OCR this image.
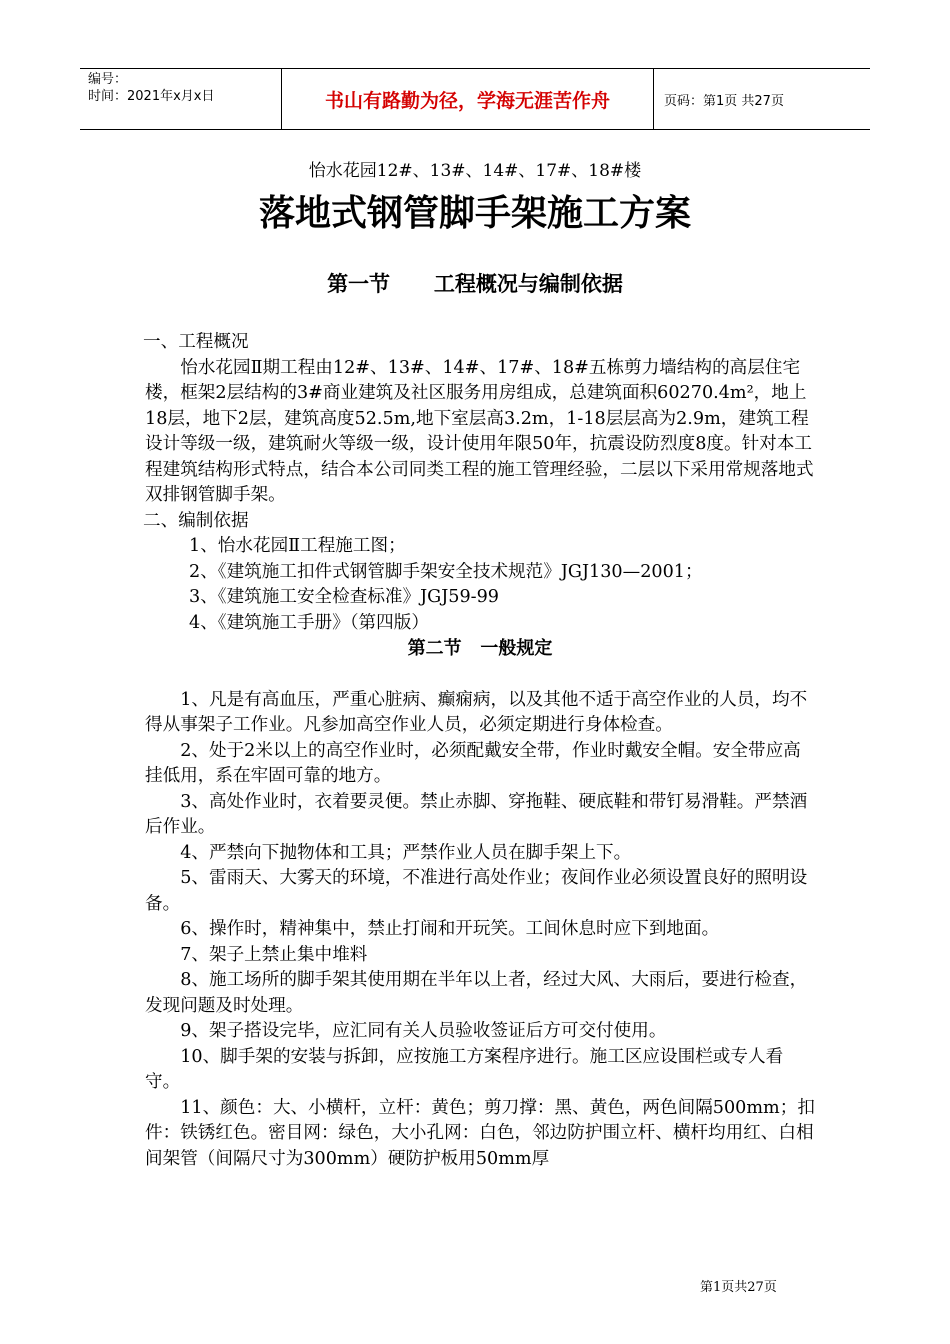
编号：
时间：2021年x月x日	书山有路勤为径，学海无涯苦作舟	页码：第1页 共27页
怡水花园12#、13#、14#、17#、18#楼
落地式钢管脚手架施工方案
第一节      工程概况与编制依据

一、工程概况

怡水花园Ⅱ期工程由12#、13#、14#、17#、18#五栋剪力墙结构的高层住宅楼，框架2层结构的3#商业建筑及社区服务用房组成，总建筑面积60270.4m²，地上18层，地下2层，建筑高度52.5m,地下室层高3.2m，1-18层层高为2.9m，建筑工程设计等级一级，建筑耐火等级一级，设计使用年限50年，抗震设防烈度8度。针对本工程建筑结构形式特点，结合本公司同类工程的施工管理经验，二层以下采用常规落地式双排钢管脚手架。

二、编制依据

1、怡水花园Ⅱ工程施工图；

2、《建筑施工扣件式钢管脚手架安全技术规范》JGJ130—2001；

3、《建筑施工安全检查标准》JGJ59-99

4、《建筑施工手册》（第四版）

第二节   一般规定

1、凡是有高血压，严重心脏病、癫痫病，以及其他不适于高空作业的人员，均不得从事架子工作业。凡参加高空作业人员，必须定期进行身体检查。

2、处于2米以上的高空作业时，必须配戴安全带，作业时戴安全帽。安全带应高挂低用，系在牢固可靠的地方。

3、高处作业时，衣着要灵便。禁止赤脚、穿拖鞋、硬底鞋和带钉易滑鞋。严禁酒后作业。

4、严禁向下抛物体和工具；严禁作业人员在脚手架上下。

5、雷雨天、大雾天的环境，不准进行高处作业；夜间作业必须设置良好的照明设备。

6、操作时，精神集中，禁止打闹和开玩笑。工间休息时应下到地面。

7、架子上禁止集中堆料

8、施工场所的脚手架其使用期在半年以上者，经过大风、大雨后，要进行检查，发现问题及时处理。

9、架子搭设完毕，应汇同有关人员验收签证后方可交付使用。

10、脚手架的安装与拆卸，应按施工方案程序进行。施工区应设围栏或专人看守。

11、颜色：大、小横杆，立杆：黄色；剪刀撑：黑、黄色，两色间隔500mm；扣件：铁锈红色。密目网：绿色，大小孔网：白色，邻边防护围立杆、横杆均用红、白相间架管（间隔尺寸为300mm）硬防护板用50mm厚

第1页共27页
